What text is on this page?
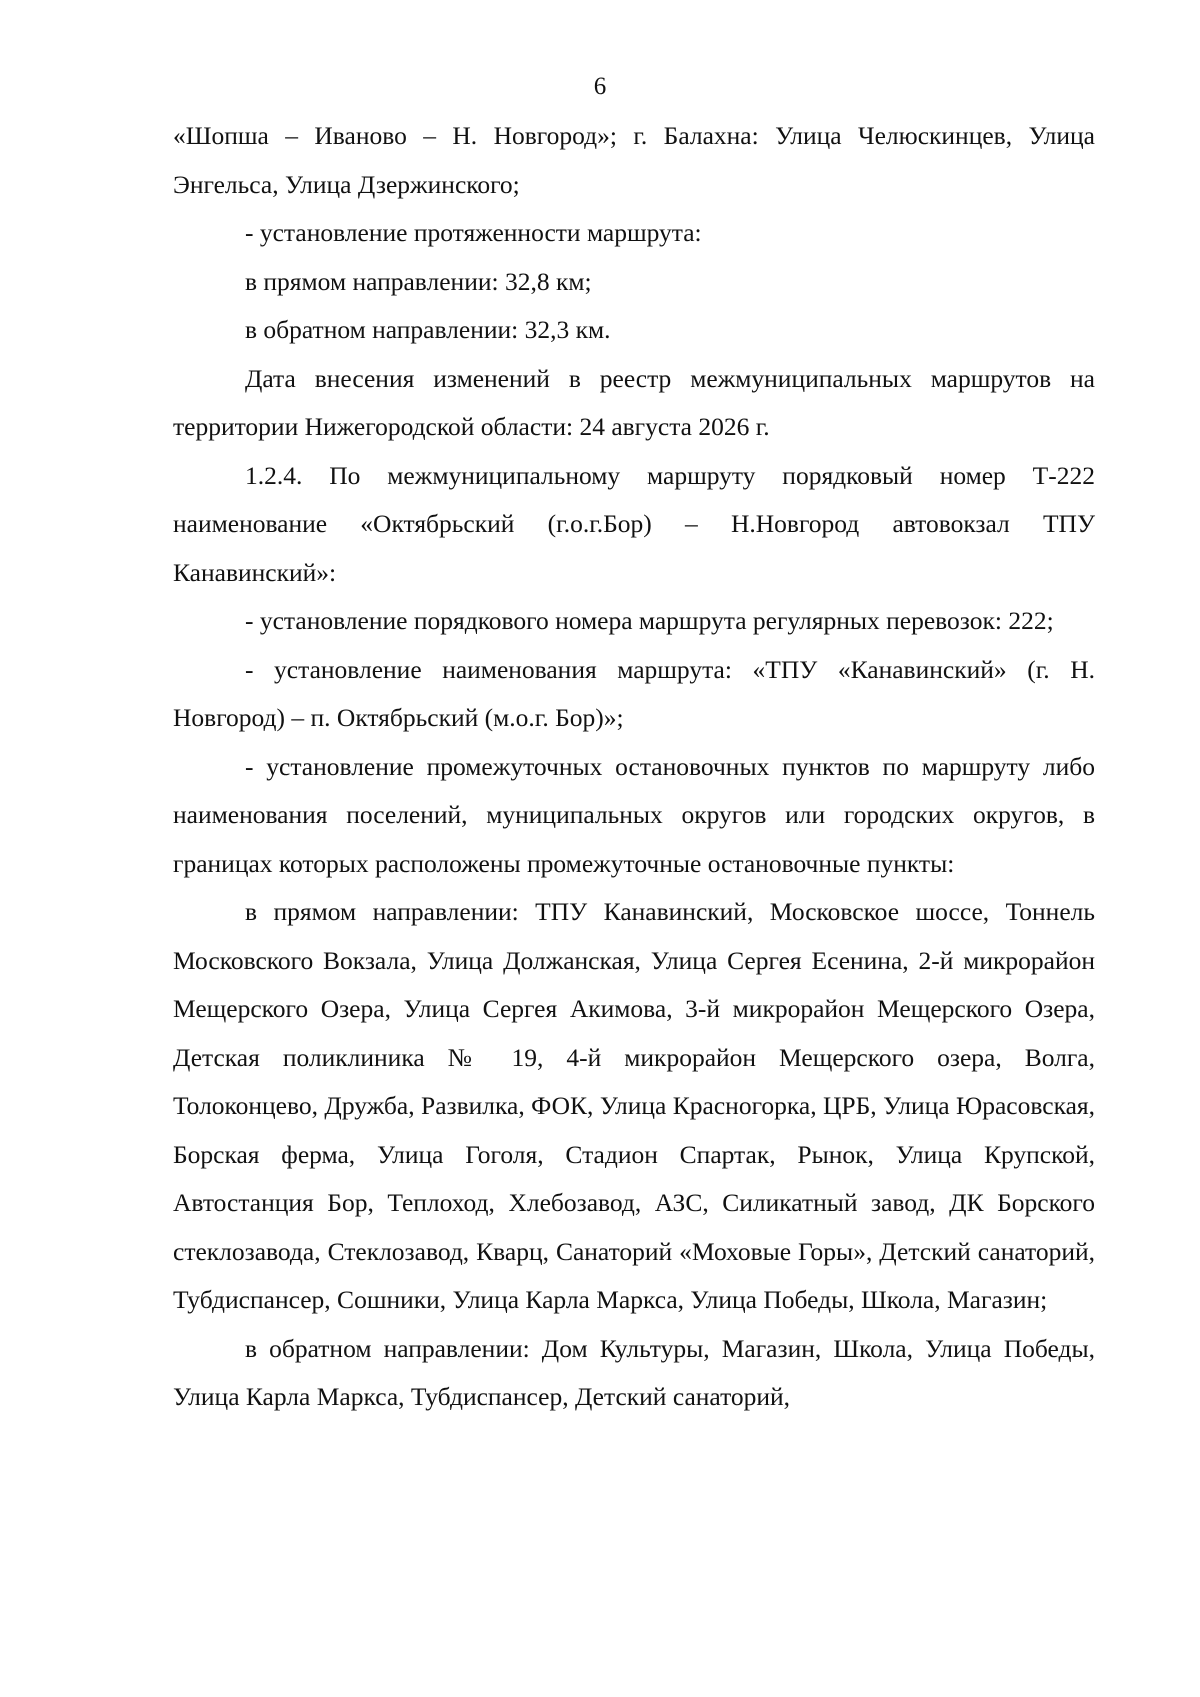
6

«Шопша – Иваново – Н. Новгород»; г. Балахна: Улица Челюскинцев, Улица Энгельса, Улица Дзержинского;

- установление протяженности маршрута:

в прямом направлении: 32,8 км;

в обратном направлении: 32,3 км.

Дата внесения изменений в реестр межмуниципальных маршрутов на территории Нижегородской области: 24 августа 2026 г.

1.2.4. По межмуниципальному маршруту порядковый номер Т-222 наименование «Октябрьский (г.о.г.Бор) – Н.Новгород автовокзал ТПУ Канавинский»:

- установление порядкового номера маршрута регулярных перевозок: 222;

- установление наименования маршрута: «ТПУ «Канавинский» (г. Н. Новгород) – п. Октябрьский (м.о.г. Бор)»;

- установление промежуточных остановочных пунктов по маршруту либо наименования поселений, муниципальных округов или городских округов, в границах которых расположены промежуточные остановочные пункты:

в прямом направлении: ТПУ Канавинский, Московское шоссе, Тоннель Московского Вокзала, Улица Должанская, Улица Сергея Есенина, 2-й микрорайон Мещерского Озера, Улица Сергея Акимова, 3-й микрорайон Мещерского Озера, Детская поликлиника № 19, 4-й микрорайон Мещерского озера, Волга, Толоконцево, Дружба, Развилка, ФОК, Улица Красногорка, ЦРБ, Улица Юрасовская, Борская ферма, Улица Гоголя, Стадион Спартак, Рынок, Улица Крупской, Автостанция Бор, Теплоход, Хлебозавод, АЗС, Силикатный завод, ДК Борского стеклозавода, Стеклозавод, Кварц, Санаторий «Моховые Горы», Детский санаторий, Тубдиспансер, Сошники, Улица Карла Маркса, Улица Победы, Школа, Магазин;

в обратном направлении: Дом Культуры, Магазин, Школа, Улица Победы, Улица Карла Маркса, Тубдиспансер, Детский санаторий,
